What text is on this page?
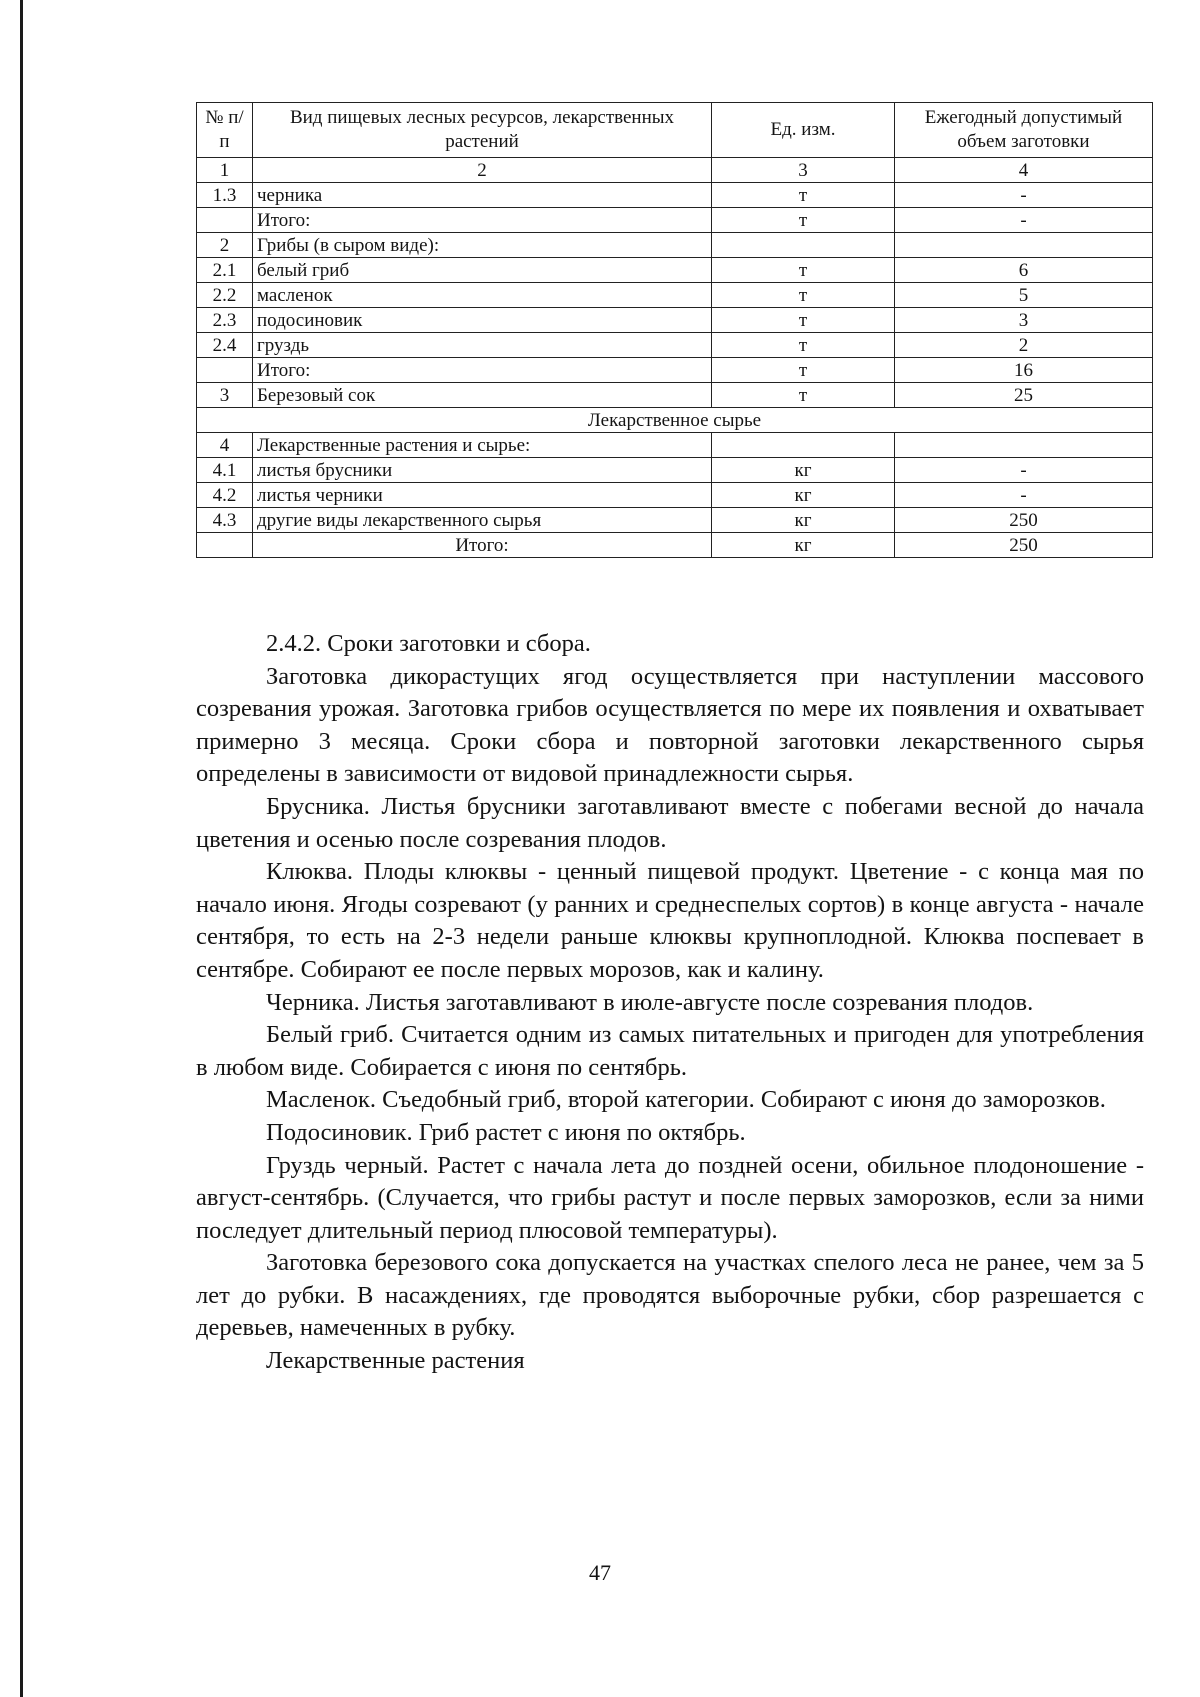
№ п/п	Вид пищевых лесных ресурсов, лекарственных растений	Ед. изм.	Ежегодный допустимый объем заготовки
1	2	3	4
1.3	черника	т	-
	Итого:	т	-
2	Грибы (в сыром виде):		
2.1	белый гриб	т	6
2.2	масленок	т	5
2.3	подосиновик	т	3
2.4	груздь	т	2
	Итого:	т	16
3	Березовый сок	т	25
Лекарственное сырье			
4	Лекарственные растения и сырье:		
4.1	листья брусники	кг	-
4.2	листья черники	кг	-
4.3	другие виды лекарственного сырья	кг	250
	Итого:	кг	250

2.4.2. Сроки заготовки и сбора.

Заготовка дикорастущих ягод осуществляется при наступлении массового созревания урожая. Заготовка грибов осуществляется по мере их появления и охватывает примерно 3 месяца. Сроки сбора и повторной заготовки лекарственного сырья определены в зависимости от видовой принадлежности сырья.

Брусника. Листья брусники заготавливают вместе с побегами весной до начала цветения и осенью после созревания плодов.

Клюква. Плоды клюквы - ценный пищевой продукт. Цветение - с конца мая по начало июня. Ягоды созревают (у ранних и среднеспелых сортов) в конце августа - начале сентября, то есть на 2-3 недели раньше клюквы крупноплодной. Клюква поспевает в сентябре. Собирают ее после первых морозов, как и калину.

Черника. Листья заготавливают в июле-августе после созревания плодов.

Белый гриб. Считается одним из самых питательных и пригоден для употребления в любом виде. Собирается с июня по сентябрь.

Масленок. Съедобный гриб, второй категории. Собирают с июня до заморозков.

Подосиновик. Гриб растет с июня по октябрь.

Груздь черный. Растет с начала лета до поздней осени, обильное плодоношение - август-сентябрь. (Случается, что грибы растут и после первых заморозков, если за ними последует длительный период плюсовой температуры).

Заготовка березового сока допускается на участках спелого леса не ранее, чем за 5 лет до рубки. В насаждениях, где проводятся выборочные рубки, сбор разрешается с деревьев, намеченных в рубку.

Лекарственные растения

47
